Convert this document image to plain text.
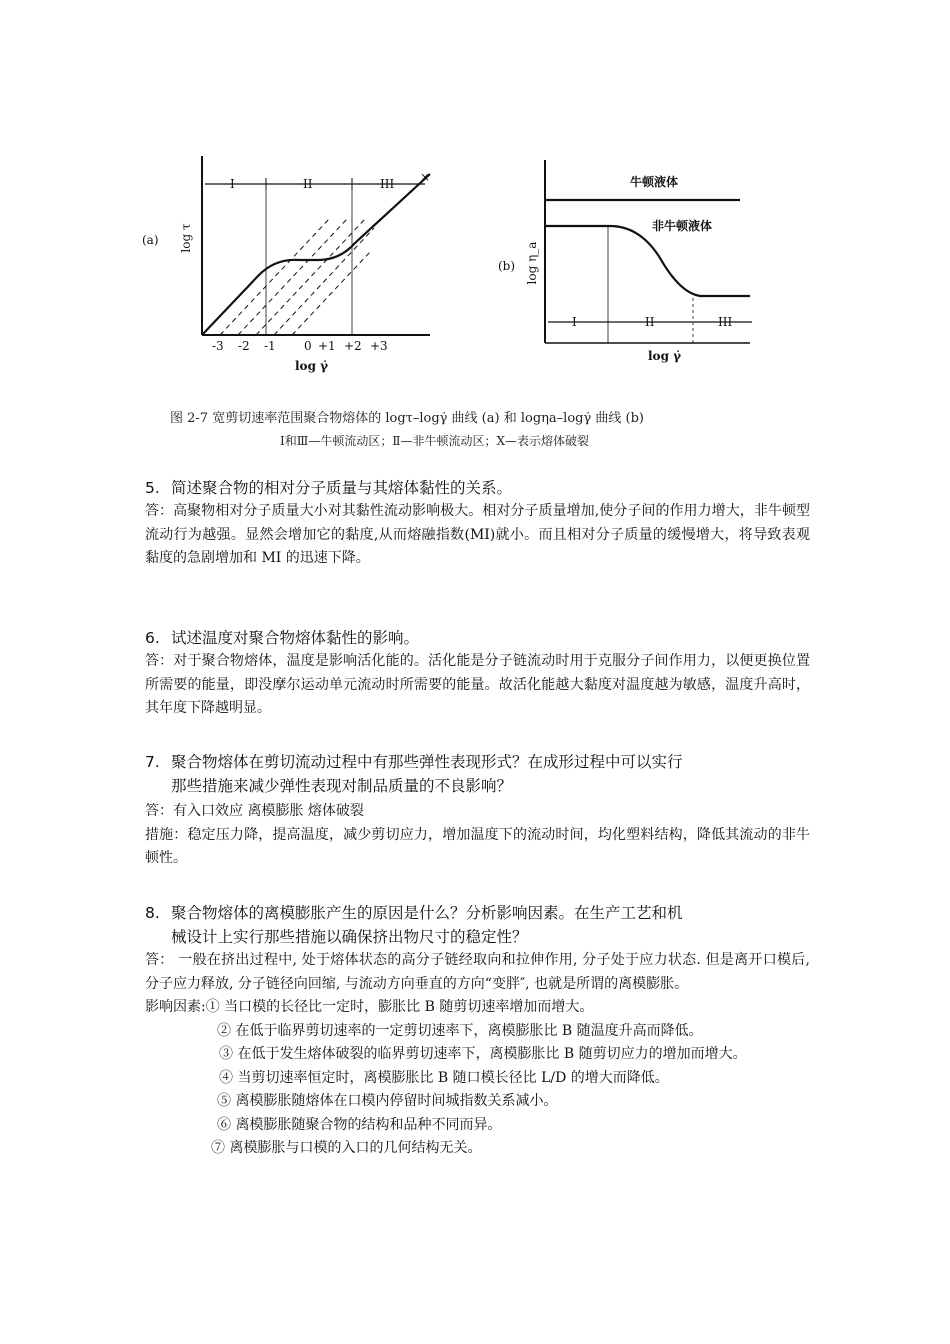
(a) log τ
I	II	III ×
-3 -2 -1 0 +1 +2 +3
log γ̇
(b) log η_a
牛顿液体
非牛顿液体
I	II	III
log γ̇
图 2-7 宽剪切速率范围聚合物熔体的 logτ–logγ̇ 曲线 (a) 和 logηa–logγ̇ 曲线 (b)
I和Ⅲ—牛顿流动区；Ⅱ—非牛顿流动区；X—表示熔体破裂
5. 简述聚合物的相对分子质量与其熔体黏性的关系。
答：高聚物相对分子质量大小对其黏性流动影响极大。相对分子质量增加,使分子间的作用力增大，非牛顿型流动行为越强。显然会增加它的黏度,从而熔融指数(MI)就小。而且相对分子质量的缓慢增大，将导致表观黏度的急剧增加和 MI 的迅速下降。
6. 试述温度对聚合物熔体黏性的影响。
答：对于聚合物熔体，温度是影响活化能的。活化能是分子链流动时用于克服分子间作用力，以便更换位置所需要的能量，即没摩尔运动单元流动时所需要的能量。故活化能越大黏度对温度越为敏感，温度升高时，其年度下降越明显。
7. 聚合物熔体在剪切流动过程中有那些弹性表现形式？在成形过程中可以实行
那些措施来减少弹性表现对制品质量的不良影响？
答：有入口效应 离模膨胀 熔体破裂
措施：稳定压力降，提高温度，减少剪切应力，增加温度下的流动时间，均化塑料结构，降低其流动的非牛顿性。
8. 聚合物熔体的离模膨胀产生的原因是什么？分析影响因素。在生产工艺和机
械设计上实行那些措施以确保挤出物尺寸的稳定性？
答： 一般在挤出过程中, 处于熔体状态的高分子链经取向和拉伸作用, 分子处于应力状态. 但是离开口模后, 分子应力释放, 分子链径向回缩, 与流动方向垂直的方向“变胖″, 也就是所谓的离模膨胀。
影响因素:① 当口模的长径比一定时，膨胀比 B 随剪切速率增加而增大。
② 在低于临界剪切速率的一定剪切速率下，离模膨胀比 B 随温度升高而降低。
③ 在低于发生熔体破裂的临界剪切速率下，离模膨胀比 B 随剪切应力的增加而增大。
④ 当剪切速率恒定时，离模膨胀比 B 随口模长径比 L/D 的增大而降低。
⑤ 离模膨胀随熔体在口模内停留时间城指数关系减小。
⑥ 离模膨胀随聚合物的结构和品种不同而异。
⑦ 离模膨胀与口模的入口的几何结构无关。
